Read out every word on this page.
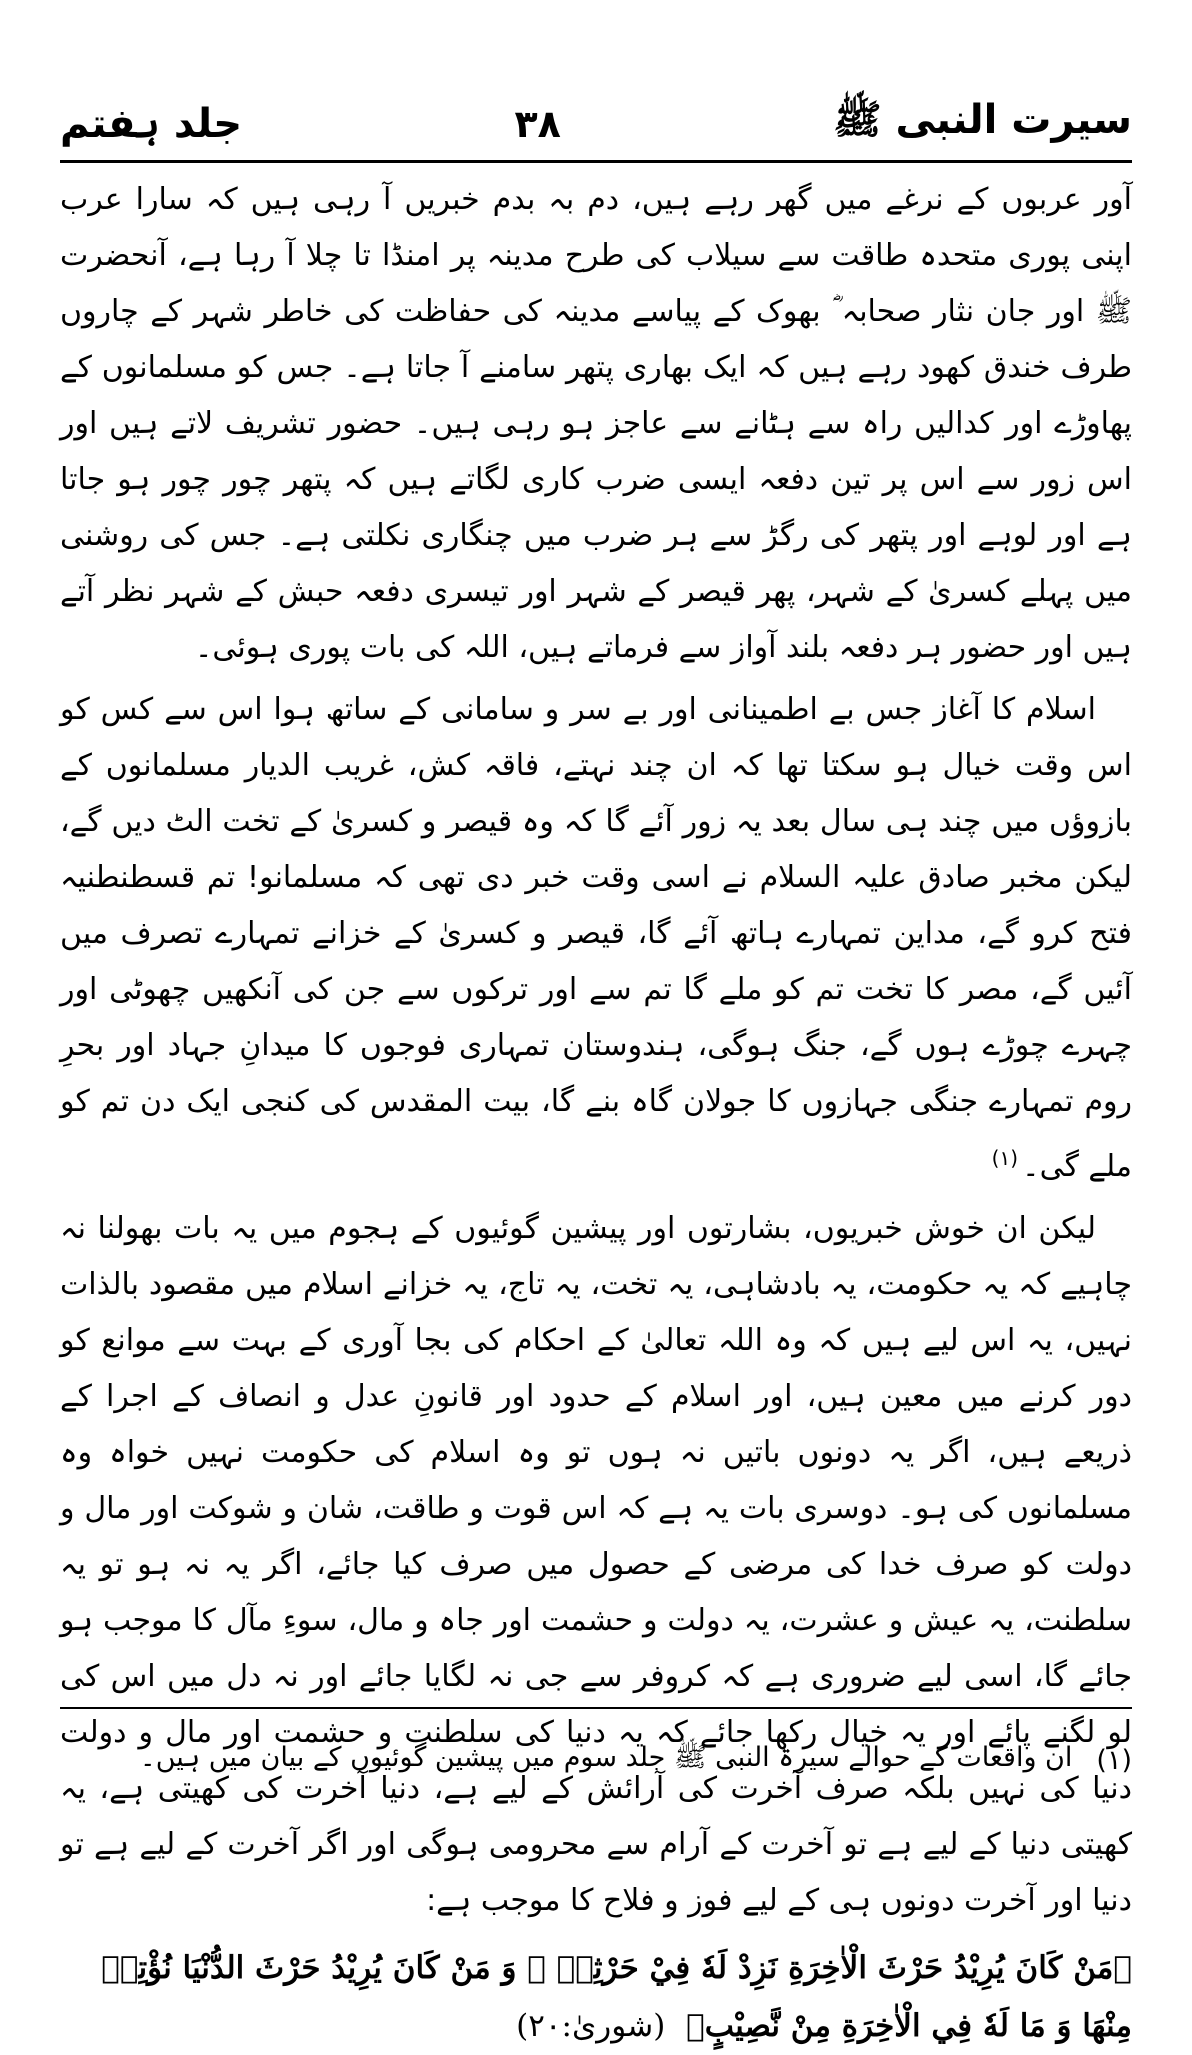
سیرت النبی ﷺ
۳۸
جلد ہفتم

آور عربوں کے نرغے میں گھر رہے ہیں، دم بہ بدم خبریں آ رہی ہیں کہ سارا عرب اپنی پوری متحدہ طاقت سے سیلاب کی طرح مدینہ پر امنڈا تا چلا آ رہا ہے، آنحضرت ﷺ اور جان نثار صحابہ ؓ بھوک کے پیاسے مدینہ کی حفاظت کی خاطر شہر کے چاروں طرف خندق کھود رہے ہیں کہ ایک بھاری پتھر سامنے آ جاتا ہے۔ جس کو مسلمانوں کے پھاوڑے اور کدالیں راہ سے ہٹانے سے عاجز ہو رہی ہیں۔ حضور تشریف لاتے ہیں اور اس زور سے اس پر تین دفعہ ایسی ضرب کاری لگاتے ہیں کہ پتھر چور چور ہو جاتا ہے اور لوہے اور پتھر کی رگڑ سے ہر ضرب میں چنگاری نکلتی ہے۔ جس کی روشنی میں پہلے کسریٰ کے شہر، پھر قیصر کے شہر اور تیسری دفعہ حبش کے شہر نظر آتے ہیں اور حضور ہر دفعہ بلند آواز سے فرماتے ہیں، اللہ کی بات پوری ہوئی۔

اسلام کا آغاز جس بے اطمینانی اور بے سر و سامانی کے ساتھ ہوا اس سے کس کو اس وقت خیال ہو سکتا تھا کہ ان چند نہتے، فاقہ کش، غریب الدیار مسلمانوں کے بازوؤں میں چند ہی سال بعد یہ زور آئے گا کہ وہ قیصر و کسریٰ کے تخت الٹ دیں گے، لیکن مخبر صادق علیہ السلام نے اسی وقت خبر دی تھی کہ مسلمانو! تم قسطنطنیہ فتح کرو گے، مداین تمہارے ہاتھ آئے گا، قیصر و کسریٰ کے خزانے تمہارے تصرف میں آئیں گے، مصر کا تخت تم کو ملے گا تم سے اور ترکوں سے جن کی آنکھیں چھوٹی اور چہرے چوڑے ہوں گے، جنگ ہوگی، ہندوستان تمہاری فوجوں کا میدانِ جہاد اور بحرِ روم تمہارے جنگی جہازوں کا جولان گاہ بنے گا، بیت المقدس کی کنجی ایک دن تم کو ملے گی۔$^{(۱)}$

لیکن ان خوش خبریوں، بشارتوں اور پیشین گوئیوں کے ہجوم میں یہ بات بھولنا نہ چاہیے کہ یہ حکومت، یہ بادشاہی، یہ تخت، یہ تاج، یہ خزانے اسلام میں مقصود بالذات نہیں، یہ اس لیے ہیں کہ وہ اللہ تعالیٰ کے احکام کی بجا آوری کے بہت سے موانع کو دور کرنے میں معین ہیں، اور اسلام کے حدود اور قانونِ عدل و انصاف کے اجرا کے ذریعے ہیں، اگر یہ دونوں باتیں نہ ہوں تو وہ اسلام کی حکومت نہیں خواہ وہ مسلمانوں کی ہو۔ دوسری بات یہ ہے کہ اس قوت و طاقت، شان و شوکت اور مال و دولت کو صرف خدا کی مرضی کے حصول میں صرف کیا جائے، اگر یہ نہ ہو تو یہ سلطنت، یہ عیش و عشرت، یہ دولت و حشمت اور جاہ و مال، سوءِ مآل کا موجب ہو جائے گا، اسی لیے ضروری ہے کہ کروفر سے جی نہ لگایا جائے اور نہ دل میں اس کی لو لگنے پائے اور یہ خیال رکھا جائے کہ یہ دنیا کی سلطنت و حشمت اور مال و دولت دنیا کی نہیں بلکہ صرف آخرت کی آرائش کے لیے ہے، دنیا آخرت کی کھیتی ہے، یہ کھیتی دنیا کے لیے ہے تو آخرت کے آرام سے محرومی ہوگی اور اگر آخرت کے لیے ہے تو دنیا اور آخرت دونوں ہی کے لیے فوز و فلاح کا موجب ہے:

﴿مَنْ كَانَ يُرِيْدُ حَرْثَ الْاٰخِرَةِ نَزِدْ لَهٗ فِيْ حَرْثِهٖ ۚ وَ مَنْ كَانَ يُرِيْدُ حَرْثَ الدُّنْيَا نُؤْتِهٖ مِنْهَا وَ مَا لَهٗ فِي الْاٰخِرَةِ مِنْ نَّصِيْبٍ﴾ (شوریٰ:۲۰)
(۱)
ان واقعات کے حوالے سیرۃ النبی ﷺ جلد سوم میں پیشین گوئیوں کے بیان میں ہیں۔
